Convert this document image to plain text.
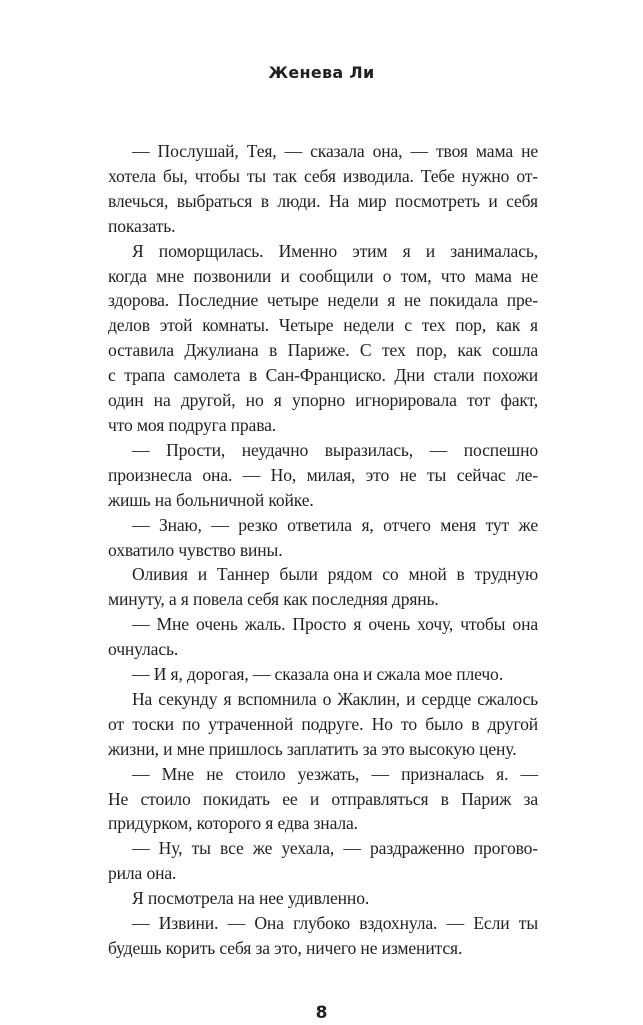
Женева Ли
— Послушай, Тея, — сказала она, — твоя мама не
хотела бы, чтобы ты так себя изводила. Тебе нужно от-
влечься, выбраться в люди. На мир посмотреть и себя
показать.
Я поморщилась. Именно этим я и занималась,
когда мне позвонили и сообщили о том, что мама не
здорова. Последние четыре недели я не покидала пре-
делов этой комнаты. Четыре недели с тех пор, как я
оставила Джулиана в Париже. С тех пор, как сошла
с трапа самолета в Сан-Франциско. Дни стали похожи
один на другой, но я упорно игнорировала тот факт,
что моя подруга права.
— Прости, неудачно выразилась, — поспешно
произнесла она. — Но, милая, это не ты сейчас ле-
жишь на больничной койке.
— Знаю, — резко ответила я, отчего меня тут же
охватило чувство вины.
Оливия и Таннер были рядом со мной в трудную
минуту, а я повела себя как последняя дрянь.
— Мне очень жаль. Просто я очень хочу, чтобы она
очнулась.
— И я, дорогая, — сказала она и сжала мое плечо.
На секунду я вспомнила о Жаклин, и сердце сжалось
от тоски по утраченной подруге. Но то было в другой
жизни, и мне пришлось заплатить за это высокую цену.
— Мне не стоило уезжать, — призналась я. —
Не стоило покидать ее и отправляться в Париж за
придурком, которого я едва знала.
— Ну, ты все же уехала, — раздраженно прогово-
рила она.
Я посмотрела на нее удивленно.
— Извини. — Она глубоко вздохнула. — Если ты
будешь корить себя за это, ничего не изменится.
8
